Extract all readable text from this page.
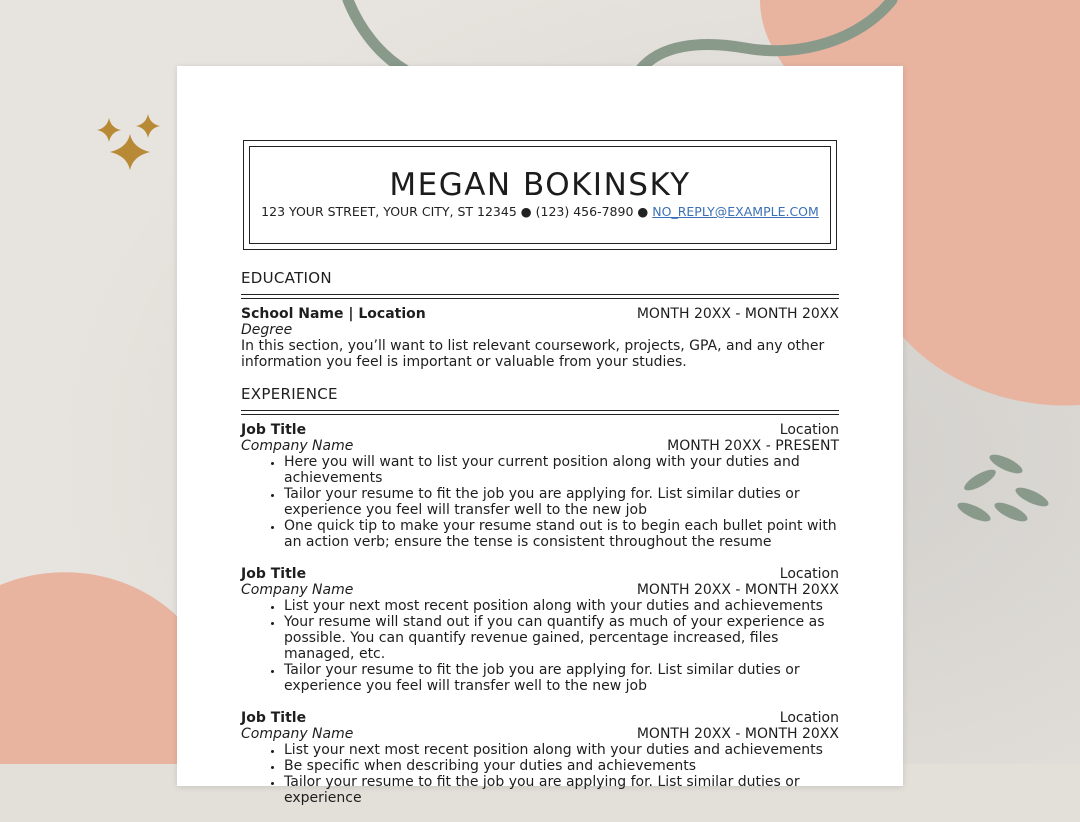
MEGAN BOKINSKY
123 YOUR STREET, YOUR CITY, ST 12345 ● (123) 456-7890 ● NO_REPLY@EXAMPLE.COM
EDUCATION
School Name | Location	MONTH 20XX - MONTH 20XX
Degree
In this section, you’ll want to list relevant coursework, projects, GPA, and any other information you feel is important or valuable from your studies.
EXPERIENCE
Job Title	Location
Company Name	MONTH 20XX - PRESENT
• Here you will want to list your current position along with your duties and achievements
• Tailor your resume to fit the job you are applying for. List similar duties or experience you feel will transfer well to the new job
• One quick tip to make your resume stand out is to begin each bullet point with an action verb; ensure the tense is consistent throughout the resume
Job Title	Location
Company Name	MONTH 20XX - MONTH 20XX
• List your next most recent position along with your duties and achievements
• Your resume will stand out if you can quantify as much of your experience as possible. You can quantify revenue gained, percentage increased, files managed, etc.
• Tailor your resume to fit the job you are applying for. List similar duties or experience you feel will transfer well to the new job
Job Title	Location
Company Name	MONTH 20XX - MONTH 20XX
• List your next most recent position along with your duties and achievements
• Be specific when describing your duties and achievements
• Tailor your resume to fit the job you are applying for. List similar duties or experience
